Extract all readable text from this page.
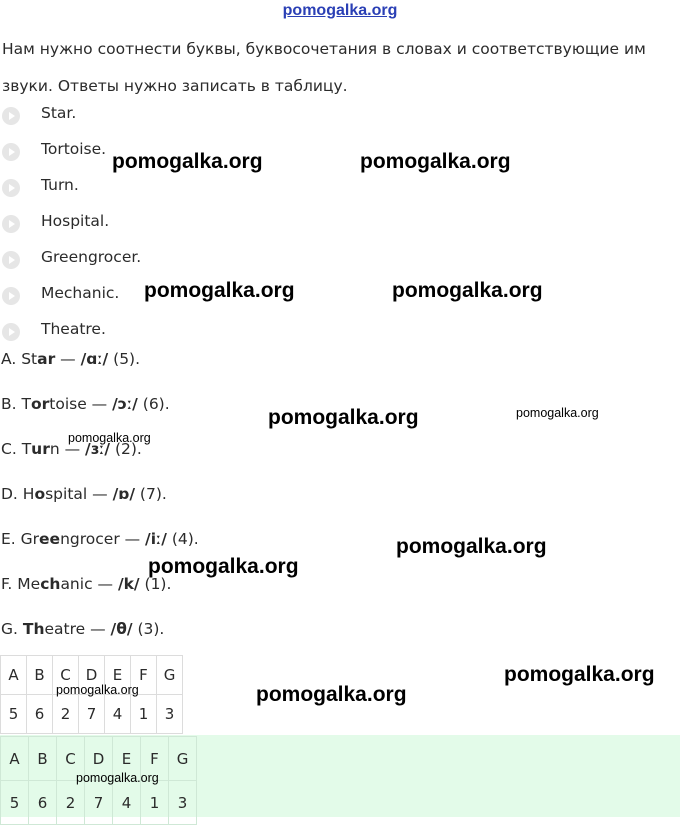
pomogalka.org
Нам нужно соотнести буквы, буквосочетания в словах и соответствующие им звуки. Ответы нужно записать в таблицу.
Star.
Tortoise.
Turn.
Hospital.
Greengrocer.
Mechanic.
Theatre.
A. Star — /ɑː/ (5).
B. Tortoise — /ɔː/ (6).
C. Turn — /ɜː/ (2).
D. Hospital — /ɒ/ (7).
E. Greengrocer — /iː/ (4).
F. Mechanic — /k/ (1).
G. Theatre — /θ/ (3).
A	B	C	D	E	F	G
5	6	2	7	4	1	3
A	B	C	D	E	F	G
5	6	2	7	4	1	3
pomogalka.org	pomogalka.org
pomogalka.org	pomogalka.org
pomogalka.org	pomogalka.org
pomogalka.org
pomogalka.org
pomogalka.org
pomogalka.org
pomogalka.org
pomogalka.org
pomogalka.org
